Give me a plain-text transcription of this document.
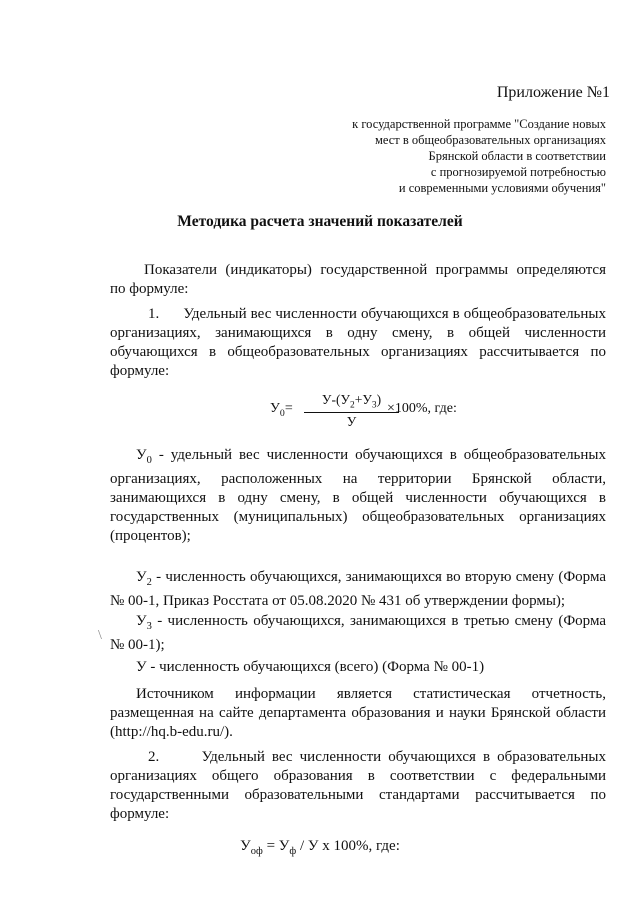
Приложение №1
к государственной программе "Создание новых
мест в общеобразовательных организациях
Брянской области в соответствии
с прогнозируемой потребностью
и современными условиями обучения"
Методика расчета значений показателей
Показатели (индикаторы) государственной программы определяются по формуле:
1. Удельный вес численности обучающихся в общеобразовательных организациях, занимающихся в одну смену, в общей численности обучающихся в общеобразовательных организациях рассчитывается по формуле:
$У_0=$
$У-(У_2+У_3)$
У
×100%, где:
$У_0$ - удельный вес численности обучающихся в общеобразовательных организациях, расположенных на территории Брянской области, занимающихся в одну смену, в общей численности обучающихся в государственных (муниципальных) общеобразовательных организациях (процентов);
$У_2$ - численность обучающихся, занимающихся во вторую смену (Форма № 00-1, Приказ Росстата от 05.08.2020 № 431 об утверждении формы);
\
$У_3$ - численность обучающихся, занимающихся в третью смену (Форма № 00-1);
У - численность обучающихся (всего) (Форма № 00-1)
Источником информации является статистическая отчетность, размещенная на сайте департамента образования и науки Брянской области (http://hq.b-edu.ru/).
2.	Удельный вес численности обучающихся в образовательных организациях общего образования в соответствии с федеральными государственными образовательными стандартами рассчитывается по формуле:
$У_{оф} = У_ф / У$ х 100%, где:
